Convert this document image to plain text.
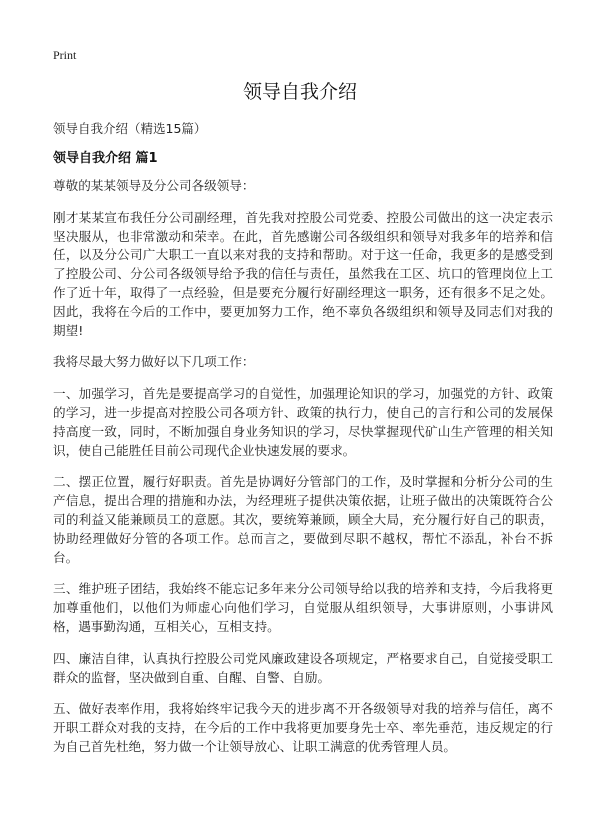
Print
领导自我介绍
领导自我介绍（精选15篇）
领导自我介绍 篇1

尊敬的某某领导及分公司各级领导：

刚才某某宣布我任分公司副经理，首先我对控股公司党委、控股公司做出的这一决定表示坚决服从，也非常激动和荣幸。在此，首先感谢公司各级组织和领导对我多年的培养和信任，以及分公司广大职工一直以来对我的支持和帮助。对于这一任命，我更多的是感受到了控股公司、分公司各级领导给予我的信任与责任，虽然我在工区、坑口的管理岗位上工作了近十年，取得了一点经验，但是要充分履行好副经理这一职务，还有很多不足之处。因此，我将在今后的工作中，要更加努力工作，绝不辜负各级组织和领导及同志们对我的期望!

我将尽最大努力做好以下几项工作：

一、加强学习，首先是要提高学习的自觉性，加强理论知识的学习，加强党的方针、政策的学习，进一步提高对控股公司各项方针、政策的执行力，使自己的言行和公司的发展保持高度一致，同时，不断加强自身业务知识的学习，尽快掌握现代矿山生产管理的相关知识，使自己能胜任目前公司现代企业快速发展的要求。

二、摆正位置，履行好职责。首先是协调好分管部门的工作，及时掌握和分析分公司的生产信息，提出合理的措施和办法，为经理班子提供决策依据，让班子做出的决策既符合公司的利益又能兼顾员工的意愿。其次，要统筹兼顾，顾全大局，充分履行好自己的职责，协助经理做好分管的各项工作。总而言之，要做到尽职不越权，帮忙不添乱，补台不拆台。

三、维护班子团结，我始终不能忘记多年来分公司领导给以我的培养和支持，今后我将更加尊重他们，以他们为师虚心向他们学习，自觉服从组织领导，大事讲原则，小事讲风格，遇事勤沟通，互相关心，互相支持。

四、廉洁自律，认真执行控股公司党风廉政建设各项规定，严格要求自己，自觉接受职工群众的监督，坚决做到自重、自醒、自警、自励。

五、做好表率作用，我将始终牢记我今天的进步离不开各级领导对我的培养与信任，离不开职工群众对我的支持，在今后的工作中我将更加要身先士卒、率先垂范，违反规定的行为自己首先杜绝，努力做一个让领导放心、让职工满意的优秀管理人员。
